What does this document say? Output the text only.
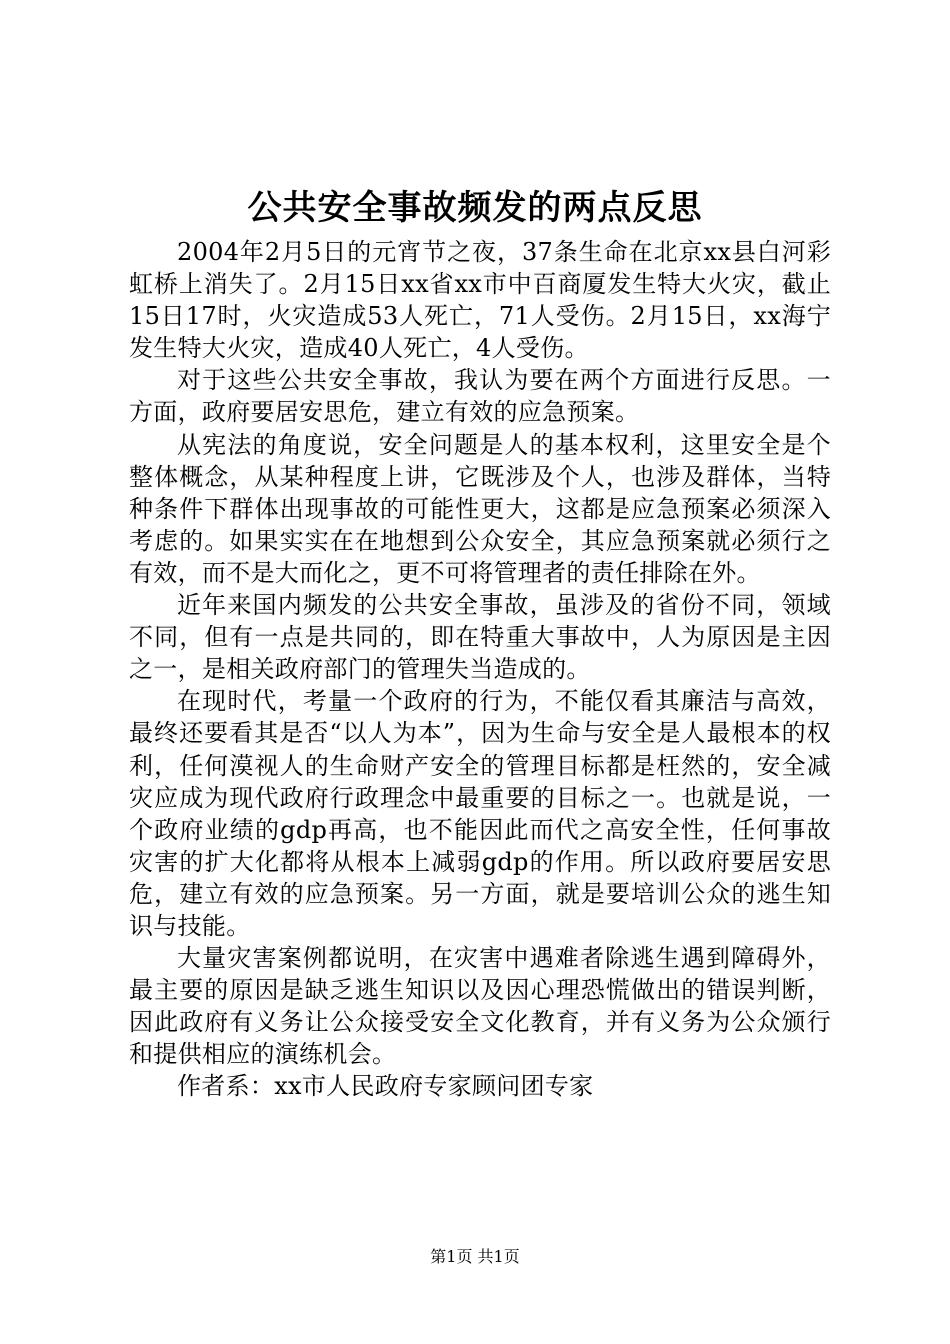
公共安全事故频发的两点反思

2004年2月5日的元宵节之夜，37条生命在北京xx县白河彩虹桥上消失了。2月15日xx省xx市中百商厦发生特大火灾，截止15日17时，火灾造成53人死亡，71人受伤。2月15日，xx海宁发生特大火灾，造成40人死亡，4人受伤。

对于这些公共安全事故，我认为要在两个方面进行反思。一方面，政府要居安思危，建立有效的应急预案。

从宪法的角度说，安全问题是人的基本权利，这里安全是个整体概念，从某种程度上讲，它既涉及个人，也涉及群体，当特种条件下群体出现事故的可能性更大，这都是应急预案必须深入考虑的。如果实实在在地想到公众安全，其应急预案就必须行之有效，而不是大而化之，更不可将管理者的责任排除在外。

近年来国内频发的公共安全事故，虽涉及的省份不同，领域不同，但有一点是共同的，即在特重大事故中，人为原因是主因之一，是相关政府部门的管理失当造成的。

在现时代，考量一个政府的行为，不能仅看其廉洁与高效，最终还要看其是否“以人为本”，因为生命与安全是人最根本的权利，任何漠视人的生命财产安全的管理目标都是枉然的，安全减灾应成为现代政府行政理念中最重要的目标之一。也就是说，一个政府业绩的gdp再高，也不能因此而代之高安全性，任何事故灾害的扩大化都将从根本上减弱gdp的作用。所以政府要居安思危，建立有效的应急预案。另一方面，就是要培训公众的逃生知识与技能。

大量灾害案例都说明，在灾害中遇难者除逃生遇到障碍外，最主要的原因是缺乏逃生知识以及因心理恐慌做出的错误判断，因此政府有义务让公众接受安全文化教育，并有义务为公众颁行和提供相应的演练机会。

作者系：xx市人民政府专家顾问团专家

第1页 共1页
